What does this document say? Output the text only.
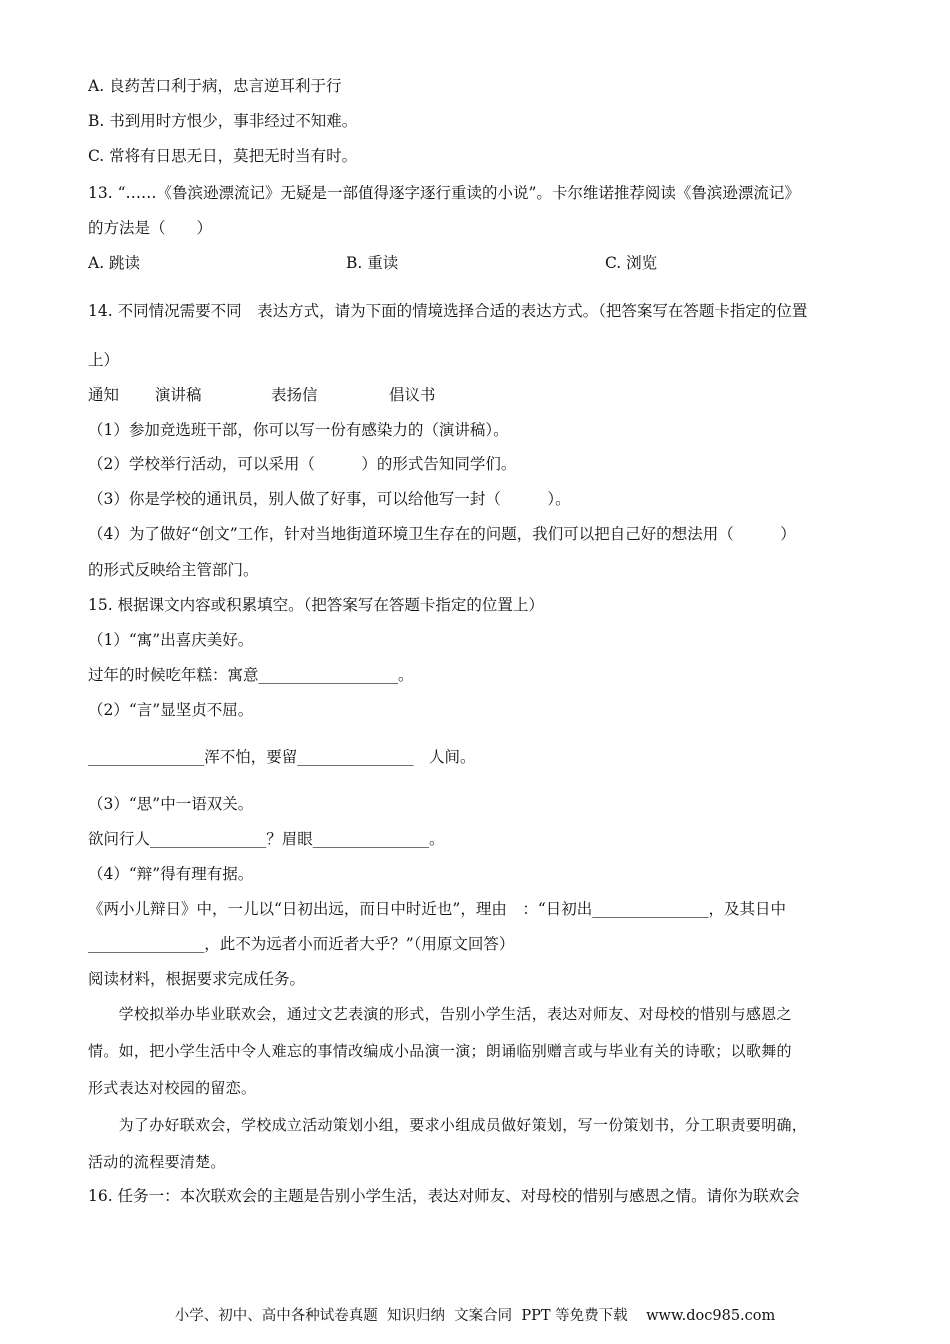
A. 良药苦口利于病，忠言逆耳利于行
B. 书到用时方恨少，事非经过不知难。
C. 常将有日思无日，莫把无时当有时。
13. “……《鲁滨逊漂流记》无疑是一部值得逐字逐行重读的小说”。卡尔维诺推荐阅读《鲁滨逊漂流记》
的方法是（　　）
A. 跳读	B. 重读	C. 浏览
14. 不同情况需要不同　表达方式，请为下面的情境选择合适的表达方式。（把答案写在答题卡指定的位置
上）
通知 演讲稿	表扬信	倡议书
（1）参加竞选班干部，你可以写一份有感染力的（演讲稿）。
（2）学校举行活动，可以采用（　　　）的形式告知同学们。
（3）你是学校的通讯员，别人做了好事，可以给他写一封（　　　）。
（4）为了做好“创文”工作，针对当地街道环境卫生存在的问题，我们可以把自己好的想法用（　　　）
的形式反映给主管部门。
15. 根据课文内容或积累填空。（把答案写在答题卡指定的位置上）
（1）“寓”出喜庆美好。
过年的时候吃年糕：寓意__________________。
（2）“言”显坚贞不屈。
_______________浑不怕，要留_______________　人间。
（3）“思”中一语双关。
欲问行人_______________？眉眼_______________。
（4）“辩”得有理有据。
《两小儿辩日》中，一儿以“日初出远，而日中时近也”，理由　：“日初出_______________，及其日中
_______________，此不为远者小而近者大乎？”（用原文回答）
阅读材料，根据要求完成任务。
　　学校拟举办毕业联欢会，通过文艺表演的形式，告别小学生活，表达对师友、对母校的惜别与感恩之
情。如，把小学生活中令人难忘的事情改编成小品演一演；朗诵临别赠言或与毕业有关的诗歌；以歌舞的
形式表达对校园的留恋。
　　为了办好联欢会，学校成立活动策划小组，要求小组成员做好策划，写一份策划书，分工职责要明确，
活动的流程要清楚。
16. 任务一：本次联欢会的主题是告别小学生活，表达对师友、对母校的惜别与感恩之情。请你为联欢会
小学、初中、高中各种试卷真题  知识归纳  文案合同  PPT 等免费下载    www.doc985.com
